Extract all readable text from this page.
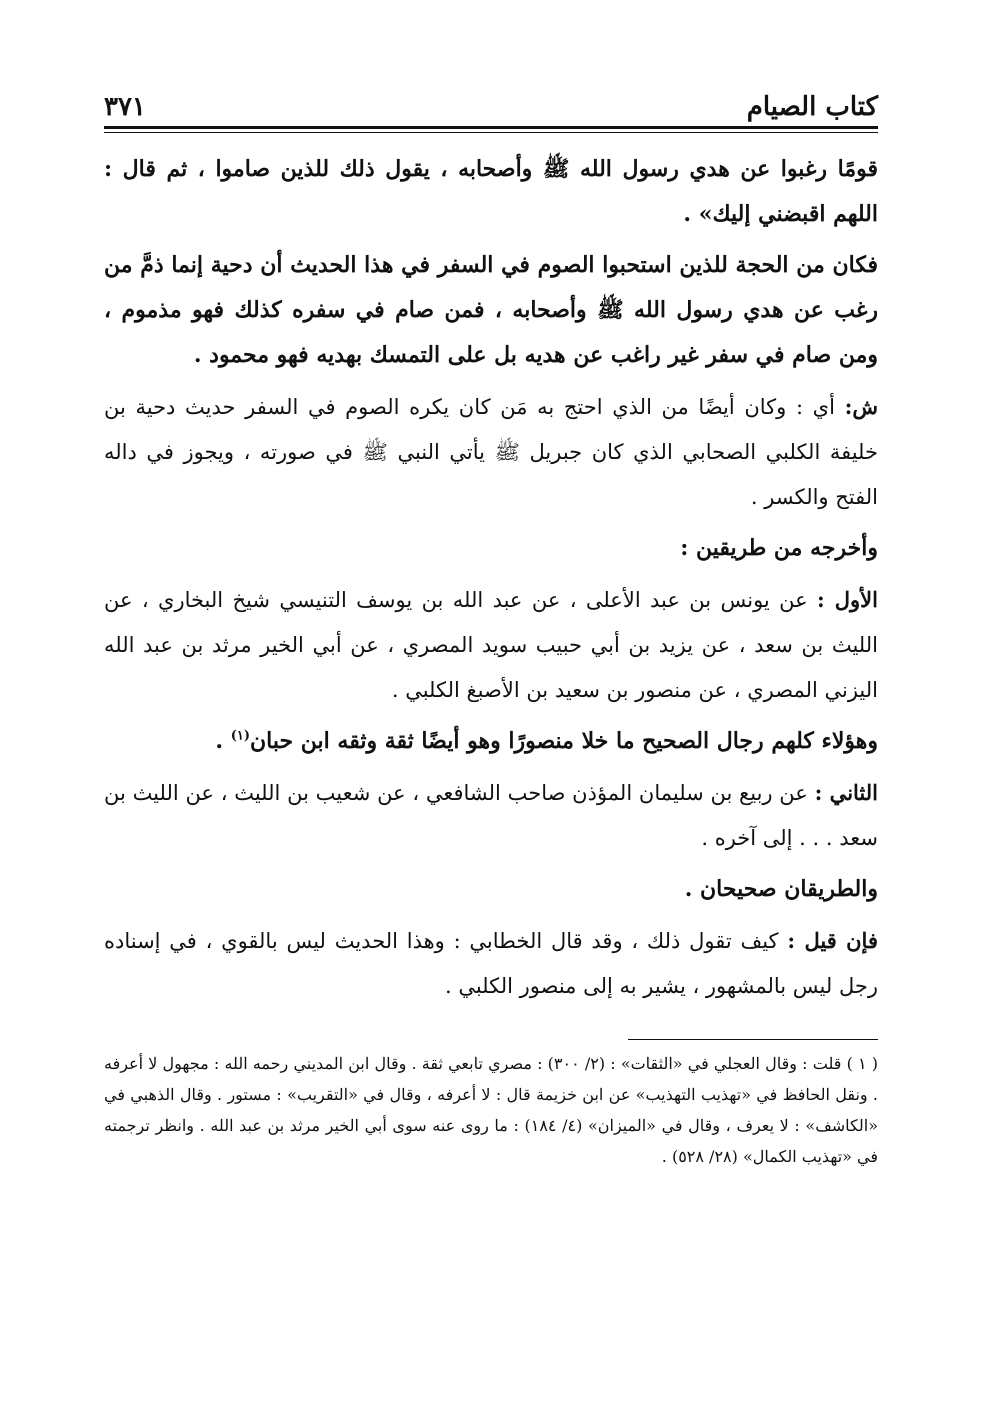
كتاب الصيام
٣٧١

قومًا رغبوا عن هدي رسول الله ﷺ وأصحابه ، يقول ذلك للذين صاموا ، ثم قال : اللهم اقبضني إليك» .

فكان من الحجة للذين استحبوا الصوم في السفر في هذا الحديث أن دحية إنما ذمَّ من رغب عن هدي رسول الله ﷺ وأصحابه ، فمن صام في سفره كذلك فهو مذموم ، ومن صام في سفر غير راغب عن هديه بل على التمسك بهديه فهو محمود .

ش: أي : وكان أيضًا من الذي احتج به مَن كان يكره الصوم في السفر حديث دحية بن خليفة الكلبي الصحابي الذي كان جبريل ﷺ يأتي النبي ﷺ في صورته ، ويجوز في داله الفتح والكسر .

وأخرجه من طريقين :

الأول : عن يونس بن عبد الأعلى ، عن عبد الله بن يوسف التنيسي شيخ البخاري ، عن الليث بن سعد ، عن يزيد بن أبي حبيب سويد المصري ، عن أبي الخير مرثد بن عبد الله اليزني المصري ، عن منصور بن سعيد بن الأصبغ الكلبي .

وهؤلاء كلهم رجال الصحيح ما خلا منصورًا وهو أيضًا ثقة وثقه ابن حبان$^{(١)}$ .

الثاني : عن ربيع بن سليمان المؤذن صاحب الشافعي ، عن شعيب بن الليث ، عن الليث بن سعد . . . إلى آخره .

والطريقان صحيحان .

فإن قيل : كيف تقول ذلك ، وقد قال الخطابي : وهذا الحديث ليس بالقوي ، في إسناده رجل ليس بالمشهور ، يشير به إلى منصور الكلبي .

( ١ ) قلت : وقال العجلي في «الثقات» : (٢/ ٣٠٠) : مصري تابعي ثقة . وقال ابن المديني رحمه الله : مجهول لا أعرفه . ونقل الحافظ في «تهذيب التهذيب» عن ابن خزيمة قال : لا أعرفه ، وقال في «التقريب» : مستور . وقال الذهبي في «الكاشف» : لا يعرف ، وقال في «الميزان» (٤/ ١٨٤) : ما روى عنه سوى أبي الخير مرثد بن عبد الله . وانظر ترجمته في «تهذيب الكمال» (٢٨/ ٥٢٨) .
